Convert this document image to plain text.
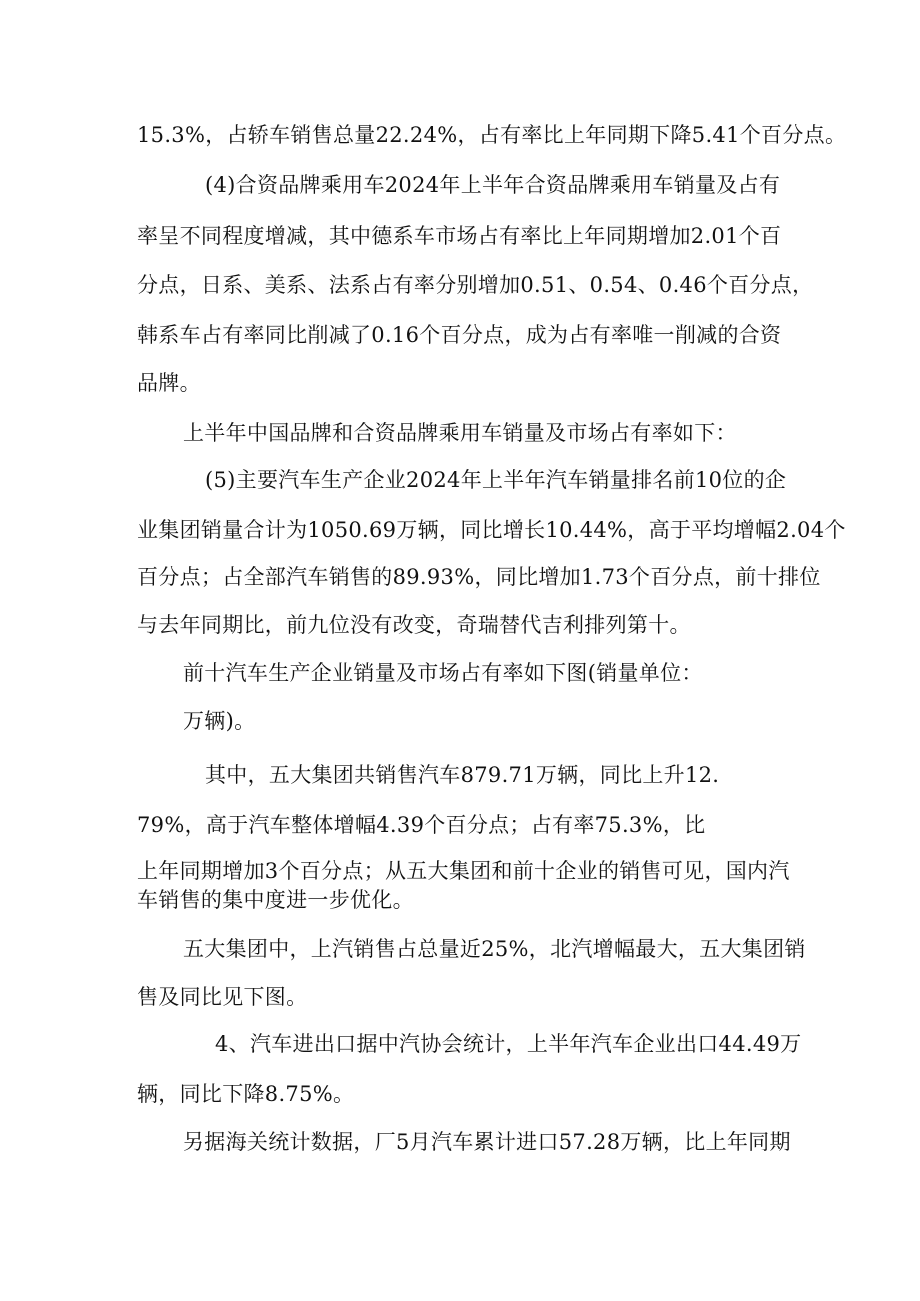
15.3%，占轿车销售总量22.24%，占有率比上年同期下降5.41个百分点。
(4)合资品牌乘用车2024年上半年合资品牌乘用车销量及占有
率呈不同程度增减，其中德系车市场占有率比上年同期增加2.01个百
分点，日系、美系、法系占有率分别增加0.51、0.54、0.46个百分点，
韩系车占有率同比削减了0.16个百分点，成为占有率唯一削减的合资
品牌。
上半年中国品牌和合资品牌乘用车销量及市场占有率如下：
(5)主要汽车生产企业2024年上半年汽车销量排名前10位的企
业集团销量合计为1050.69万辆，同比增长10.44%，高于平均增幅2.04个
百分点；占全部汽车销售的89.93%，同比增加1.73个百分点，前十排位
与去年同期比，前九位没有改变，奇瑞替代吉利排列第十。
前十汽车生产企业销量及市场占有率如下图(销量单位：
万辆)。
其中，五大集团共销售汽车879.71万辆，同比上升12.
79%，高于汽车整体增幅4.39个百分点；占有率75.3%，比
上年同期增加3个百分点；从五大集团和前十企业的销售可见，国内汽
车销售的集中度进一步优化。
五大集团中，上汽销售占总量近25%，北汽增幅最大，五大集团销
售及同比见下图。
4、汽车进出口据中汽协会统计，上半年汽车企业出口44.49万
辆，同比下降8.75%。
另据海关统计数据，厂5月汽车累计进口57.28万辆，比上年同期
